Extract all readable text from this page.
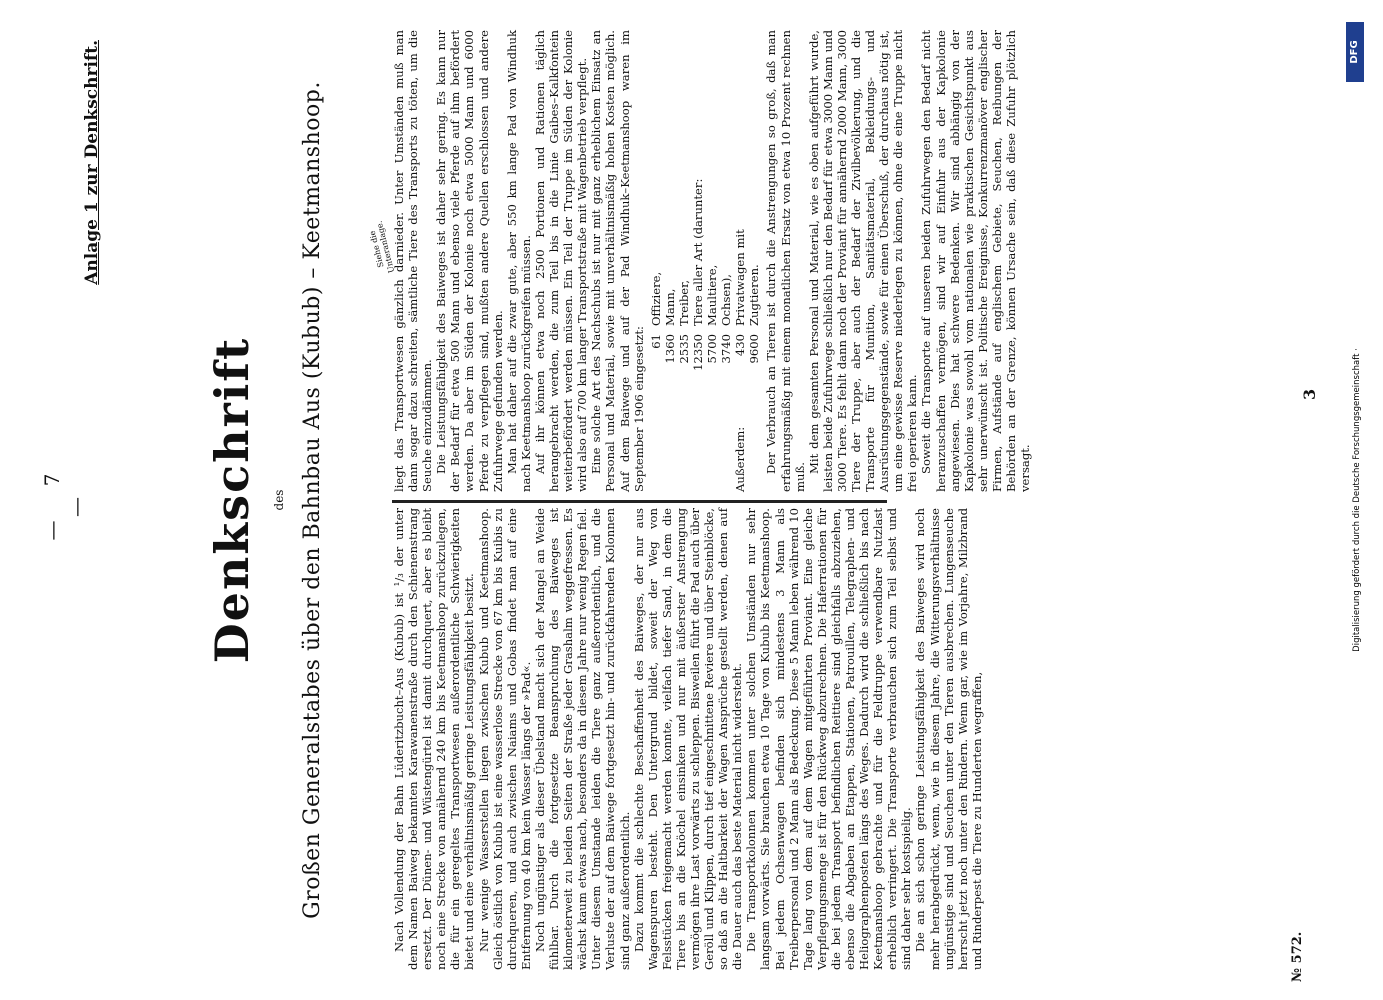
— 7 —
Anlage 1 zur Denkschrift.
Denkschrift des Großen Generalstabes über den Bahnbau Aus (Kubub) – Keetmanshoop.	Nach Vollendung der Bahn Lüderitzbucht–Aus (Kubub) ist ¹/₃ der unter dem Namen Baiweg bekannten Karawanenstraße durch den Schienenstrang ersetzt. Der Dünen- und Wüstengürtel ist damit durchquert, aber es bleibt noch eine Strecke von annähernd 240 km bis Keetmanshoop zurückzulegen, die für ein geregeltes Transportwesen außerordentliche Schwierigkeiten bietet und eine verhältnismäßig geringe Leistungsfähigkeit besitzt. Nur wenige Wasserstellen liegen zwischen Kubub und Keetmanshoop. Gleich östlich von Kubub ist eine wasserlose Strecke von 67 km bis Kuibis zu durchqueren, und auch zwischen Naiams und Gobas findet man auf eine Entfernung von 40 km kein Wasser längs der »Pad«. Noch ungünstiger als dieser Übelstand macht sich der Mangel an Weide fühlbar. Durch die fortgesetzte Beanspruchung des Baiweges ist kilometerweit zu beiden Seiten der Straße jeder Grashalm weggefressen. Es wächst kaum etwas nach, besonders da in diesem Jahre nur wenig Regen fiel. Unter diesem Umstande leiden die Tiere ganz außerordentlich, und die Verluste der auf dem Baiwege fortgesetzt hin- und zurückfahrenden Kolonnen sind ganz außerordentlich. Dazu kommt die schlechte Beschaffenheit des Baiweges, der nur aus Wagenspuren besteht. Den Untergrund bildet, soweit der Weg von Felsstücken freigemacht werden konnte, vielfach tiefer Sand, in dem die Tiere bis an die Knöchel einsinken und nur mit äußerster Anstrengung vermögen ihre Last vorwärts zu schleppen. Bisweilen führt die Pad auch über Geröll und Klippen, durch tief eingeschnittene Reviere und über Steinblöcke, so daß an die Haltbarkeit der Wagen Ansprüche gestellt werden, denen auf die Dauer auch das beste Material nicht widersteht. Die Transportkolonnen kommen unter solchen Umständen nur sehr langsam vorwärts. Sie brauchen etwa 10 Tage von Kubub bis Keetmanshoop. Bei jedem Ochsenwagen befinden sich mindestens 3 Mann als Treiberpersonal und 2 Mann als Bedeckung. Diese 5 Mann leben während 10 Tage lang von dem auf dem Wagen mitgeführten Proviant. Eine gleiche Verpflegungsmenge ist für den Rückweg abzurechnen. Die Haferrationen für die bei jedem Transport befindlichen Reittiere sind gleichfalls abzuziehen, ebenso die Abgaben an Etappen, Stationen, Patrouillen, Telegraphen- und Heliographenposten längs des Weges. Dadurch wird die schließlich bis nach Keetmanshoop gebrachte und für die Feldtruppe verwendbare Nutzlast erheblich verringert. Die Transporte verbrauchen sich zum Teil selbst und sind daher sehr kostspielig. Die an sich schon geringe Leistungsfähigkeit des Baiweges wird noch mehr herabgedrückt, wenn, wie in diesem Jahre, die Witterungsverhältnisse ungünstige sind und Seuchen unter den Tieren ausbrechen. Lungenseuche herrscht jetzt noch unter den Rindern. Wenn gar, wie im Vorjahre, Milzbrand und Rinderpest die Tiere zu Hunderten wegraffen,

Siehe die Unteranlage.

liegt das Transportwesen gänzlich darnieder. Unter Umständen muß man dann sogar dazu schreiten, sämtliche Tiere des Transports zu töten, um die Seuche einzudämmen. Die Leistungsfähigkeit des Baiweges ist daher sehr gering. Es kann nur der Bedarf für etwa 500 Mann und ebenso viele Pferde auf ihm befördert werden. Da aber im Süden der Kolonie noch etwa 5000 Mann und 6000 Pferde zu verpflegen sind, mußten andere Quellen erschlossen und andere Zufuhrwege gefunden werden. Man hat daher auf die zwar gute, aber 550 km lange Pad von Windhuk nach Keetmanshoop zurückgreifen müssen. Auf ihr können etwa noch 2500 Portionen und Rationen täglich herangebracht werden, die zum Teil bis in die Linie Gaibes–Kalkfontein weiterbefördert werden müssen. Ein Teil der Truppe im Süden der Kolonie wird also auf 700 km langer Transportstraße mit Wagenbetrieb verpflegt. Eine solche Art des Nachschubs ist nur mit ganz erheblichem Einsatz an Personal und Material, sowie mit unverhältnismäßig hohen Kosten möglich. Auf dem Baiwege und auf der Pad Windhuk–Keetmanshoop waren im September 1906 eingesetzt: 61
Offiziere,
1360
Mann,
2535
Treiber,
12350
Tiere aller Art (darunter:
5700
Maultiere,
3740
Ochsen),
Außerdem:
430
Privatwagen mit
9600
Zugtieren. Der Verbrauch an Tieren ist durch die Anstrengungen so groß, daß man erfahrungsmäßig mit einem monatlichen Ersatz von etwa 10 Prozent rechnen muß.

Mit dem gesamten Personal und Material, wie es oben aufgeführt wurde, leisten beide Zufuhrwege schließlich nur den Bedarf für etwa 3000 Mann und 3000 Tiere. Es fehlt dann noch der Proviant für annähernd 2000 Mann, 3000 Tiere der Truppe, aber auch der Bedarf der Zivilbevölkerung, und die Transporte für Munition, Sanitätsmaterial, Bekleidungs- und Ausrüstungsgegenstände, sowie für einen Überschuß, der durchaus nötig ist, um eine gewisse Reserve niederlegen zu können, ohne die eine Truppe nicht frei operieren kann. Soweit die Transporte auf unseren beiden Zufuhrwegen den Bedarf nicht heranzuschaffen vermögen, sind wir auf Einfuhr aus der Kapkolonie angewiesen. Dies hat schwere Bedenken. Wir sind abhängig von der Kapkolonie was sowohl vom nationalen wie praktischen Gesichtspunkt aus sehr unerwünscht ist. Politische Ereignisse, Konkurrenzmanöver englischer Firmen, Aufstände auf englischem Gebiete, Seuchen, Reibungen der Behörden an der Grenze, können Ursache sein, daß diese Zufuhr plötzlich versagt.

№ 572.
3	Digitalisierung gefördert durch die Deutsche Forschungsgemeinschaft ·
DFG
